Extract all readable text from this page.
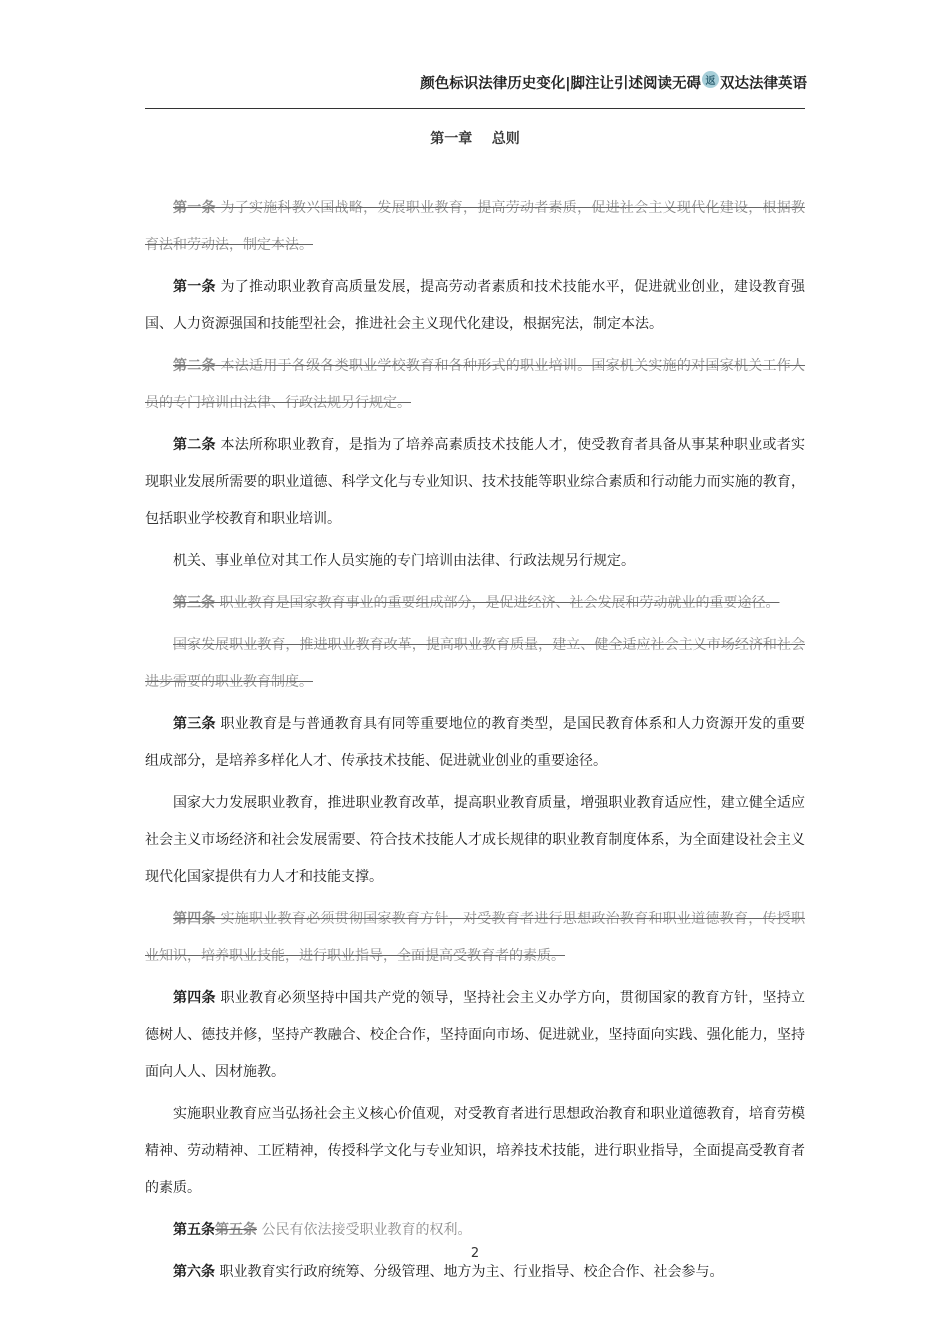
颜色标识法律历史变化|脚注让引述阅读无碍 返 双达法律英语
第一章    总则

第一条 为了实施科教兴国战略，发展职业教育，提高劳动者素质，促进社会主义现代化建设，根据教育法和劳动法，制定本法。

第一条 为了推动职业教育高质量发展，提高劳动者素质和技术技能水平，促进就业创业，建设教育强国、人力资源强国和技能型社会，推进社会主义现代化建设，根据宪法，制定本法。

第二条 本法适用于各级各类职业学校教育和各种形式的职业培训。国家机关实施的对国家机关工作人员的专门培训由法律、行政法规另行规定。

第二条 本法所称职业教育，是指为了培养高素质技术技能人才，使受教育者具备从事某种职业或者实现职业发展所需要的职业道德、科学文化与专业知识、技术技能等职业综合素质和行动能力而实施的教育，包括职业学校教育和职业培训。

机关、事业单位对其工作人员实施的专门培训由法律、行政法规另行规定。

第三条 职业教育是国家教育事业的重要组成部分，是促进经济、社会发展和劳动就业的重要途径。

国家发展职业教育，推进职业教育改革，提高职业教育质量，建立、健全适应社会主义市场经济和社会进步需要的职业教育制度。

第三条 职业教育是与普通教育具有同等重要地位的教育类型，是国民教育体系和人力资源开发的重要组成部分，是培养多样化人才、传承技术技能、促进就业创业的重要途径。

国家大力发展职业教育，推进职业教育改革，提高职业教育质量，增强职业教育适应性，建立健全适应社会主义市场经济和社会发展需要、符合技术技能人才成长规律的职业教育制度体系，为全面建设社会主义现代化国家提供有力人才和技能支撑。

第四条 实施职业教育必须贯彻国家教育方针，对受教育者进行思想政治教育和职业道德教育，传授职业知识，培养职业技能，进行职业指导，全面提高受教育者的素质。

第四条 职业教育必须坚持中国共产党的领导，坚持社会主义办学方向，贯彻国家的教育方针，坚持立德树人、德技并修，坚持产教融合、校企合作，坚持面向市场、促进就业，坚持面向实践、强化能力，坚持面向人人、因材施教。

实施职业教育应当弘扬社会主义核心价值观，对受教育者进行思想政治教育和职业道德教育，培育劳模精神、劳动精神、工匠精神，传授科学文化与专业知识，培养技术技能，进行职业指导，全面提高受教育者的素质。

第五条第五条 公民有依法接受职业教育的权利。

第六条 职业教育实行政府统筹、分级管理、地方为主、行业指导、校企合作、社会参与。

2
